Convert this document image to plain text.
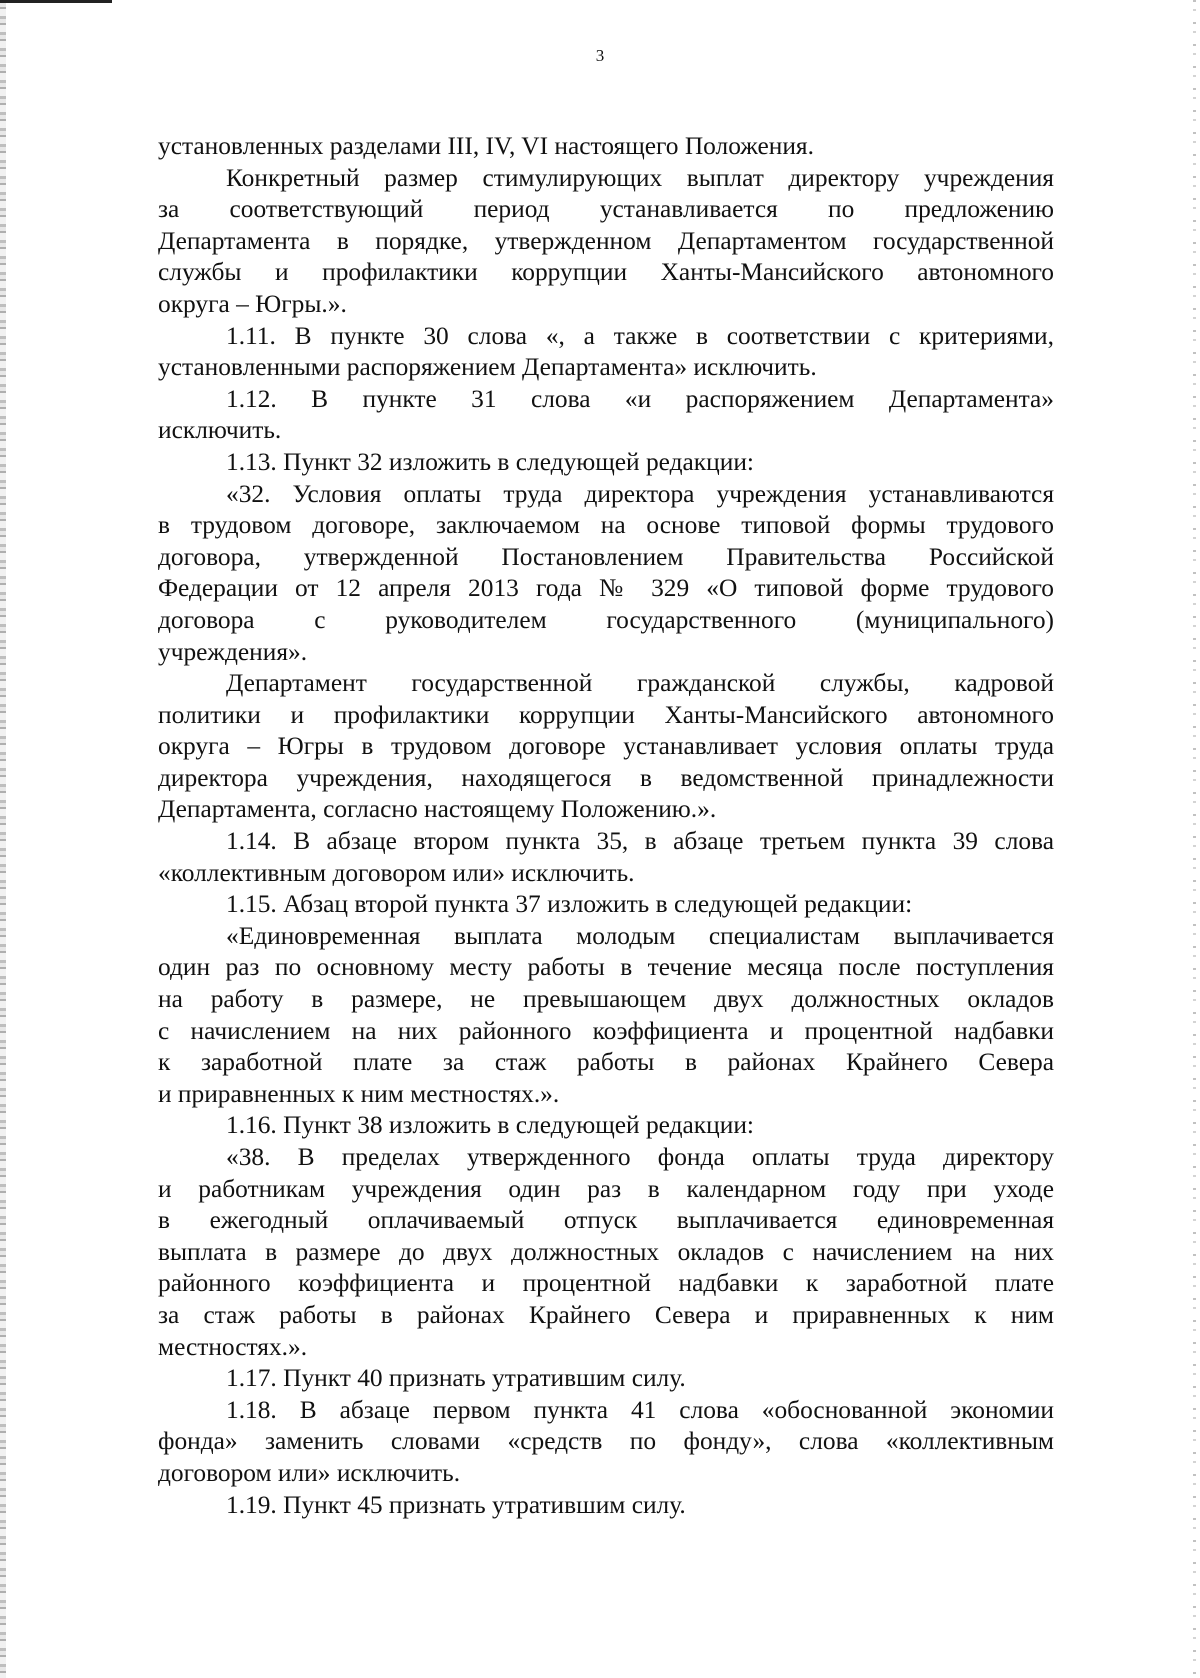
3
установленных разделами III, IV, VI настоящего Положения.
Конкретный размер стимулирующих выплат директору учреждения
за соответствующий период устанавливается по предложению
Департамента в порядке, утвержденном Департаментом государственной
службы и профилактики коррупции Ханты-Мансийского автономного
округа – Югры.».
1.11. В пункте 30 слова «, а также в соответствии с критериями,
установленными распоряжением Департамента» исключить.
1.12. В пункте 31 слова «и распоряжением Департамента»
исключить.
1.13. Пункт 32 изложить в следующей редакции:
«32. Условия оплаты труда директора учреждения устанавливаются
в трудовом договоре, заключаемом на основе типовой формы трудового
договора, утвержденной Постановлением Правительства Российской
Федерации от 12 апреля 2013 года № 329 «О типовой форме трудового
договора с руководителем государственного (муниципального)
учреждения».
Департамент государственной гражданской службы, кадровой
политики и профилактики коррупции Ханты-Мансийского автономного
округа – Югры в трудовом договоре устанавливает условия оплаты труда
директора учреждения, находящегося в ведомственной принадлежности
Департамента, согласно настоящему Положению.».
1.14. В абзаце втором пункта 35, в абзаце третьем пункта 39 слова
«коллективным договором или» исключить.
1.15. Абзац второй пункта 37 изложить в следующей редакции:
«Единовременная выплата молодым специалистам выплачивается
один раз по основному месту работы в течение месяца после поступления
на работу в размере, не превышающем двух должностных окладов
с начислением на них районного коэффициента и процентной надбавки
к заработной плате за стаж работы в районах Крайнего Севера
и приравненных к ним местностях.».
1.16. Пункт 38 изложить в следующей редакции:
«38. В пределах утвержденного фонда оплаты труда директору
и работникам учреждения один раз в календарном году при уходе
в ежегодный оплачиваемый отпуск выплачивается единовременная
выплата в размере до двух должностных окладов с начислением на них
районного коэффициента и процентной надбавки к заработной плате
за стаж работы в районах Крайнего Севера и приравненных к ним
местностях.».
1.17. Пункт 40 признать утратившим силу.
1.18. В абзаце первом пункта 41 слова «обоснованной экономии
фонда» заменить словами «средств по фонду», слова «коллективным
договором или» исключить.
1.19. Пункт 45 признать утратившим силу.
